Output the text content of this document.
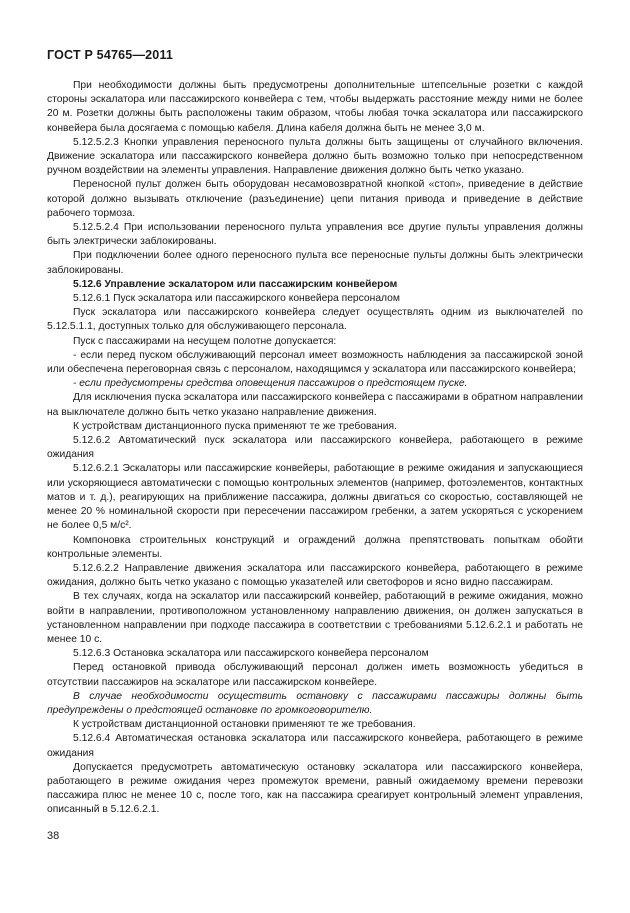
ГОСТ Р 54765—2011

При необходимости должны быть предусмотрены дополнительные штепсельные розетки с каждой стороны эскалатора или пассажирского конвейера с тем, чтобы выдержать расстояние между ними не более 20 м. Розетки должны быть расположены таким образом, чтобы любая точка эскалатора или пассажирского конвейера была досягаема с помощью кабеля. Длина кабеля должна быть не менее 3,0 м.

5.12.5.2.3 Кнопки управления переносного пульта должны быть защищены от случайного включения. Движение эскалатора или пассажирского конвейера должно быть возможно только при непосредственном ручном воздействии на элементы управления. Направление движения должно быть четко указано.

Переносной пульт должен быть оборудован несамовозвратной кнопкой «стоп», приведение в действие которой должно вызывать отключение (разъединение) цепи питания привода и приведение в действие рабочего тормоза.

5.12.5.2.4 При использовании переносного пульта управления все другие пульты управления должны быть электрически заблокированы.

При подключении более одного переносного пульта все переносные пульты должны быть электрически заблокированы.

5.12.6 Управление эскалатором или пассажирским конвейером

5.12.6.1 Пуск эскалатора или пассажирского конвейера персоналом

Пуск эскалатора или пассажирского конвейера следует осуществлять одним из выключателей по 5.12.5.1.1, доступных только для обслуживающего персонала.

Пуск с пассажирами на несущем полотне допускается:

- если перед пуском обслуживающий персонал имеет возможность наблюдения за пассажирской зоной или обеспечена переговорная связь с персоналом, находящимся у эскалатора или пассажирского конвейера;

- если предусмотрены средства оповещения пассажиров о предстоящем пуске.

Для исключения пуска эскалатора или пассажирского конвейера с пассажирами в обратном направлении на выключателе должно быть четко указано направление движения.

К устройствам дистанционного пуска применяют те же требования.

5.12.6.2 Автоматический пуск эскалатора или пассажирского конвейера, работающего в режиме ожидания

5.12.6.2.1 Эскалаторы или пассажирские конвейеры, работающие в режиме ожидания и запускающиеся или ускоряющиеся автоматически с помощью контрольных элементов (например, фотоэлементов, контактных матов и т. д.), реагирующих на приближение пассажира, должны двигаться со скоростью, составляющей не менее 20 % номинальной скорости при пересечении пассажиром гребенки, а затем ускоряться с ускорением не более 0,5 м/с².

Компоновка строительных конструкций и ограждений должна препятствовать попыткам обойти контрольные элементы.

5.12.6.2.2 Направление движения эскалатора или пассажирского конвейера, работающего в режиме ожидания, должно быть четко указано с помощью указателей или светофоров и ясно видно пассажирам.

В тех случаях, когда на эскалатор или пассажирский конвейер, работающий в режиме ожидания, можно войти в направлении, противоположном установленному направлению движения, он должен запускаться в установленном направлении при подходе пассажира в соответствии с требованиями 5.12.6.2.1 и работать не менее 10 с.

5.12.6.3 Остановка эскалатора или пассажирского конвейера персоналом

Перед остановкой привода обслуживающий персонал должен иметь возможность убедиться в отсутствии пассажиров на эскалаторе или пассажирском конвейере.

В случае необходимости осуществить остановку с пассажирами пассажиры должны быть предупреждены о предстоящей остановке по громкоговорителю.

К устройствам дистанционной остановки применяют те же требования.

5.12.6.4 Автоматическая остановка эскалатора или пассажирского конвейера, работающего в режиме ожидания

Допускается предусмотреть автоматическую остановку эскалатора или пассажирского конвейера, работающего в режиме ожидания через промежуток времени, равный ожидаемому времени перевозки пассажира плюс не менее 10 с, после того, как на пассажира среагирует контрольный элемент управления, описанный в 5.12.6.2.1.

38
